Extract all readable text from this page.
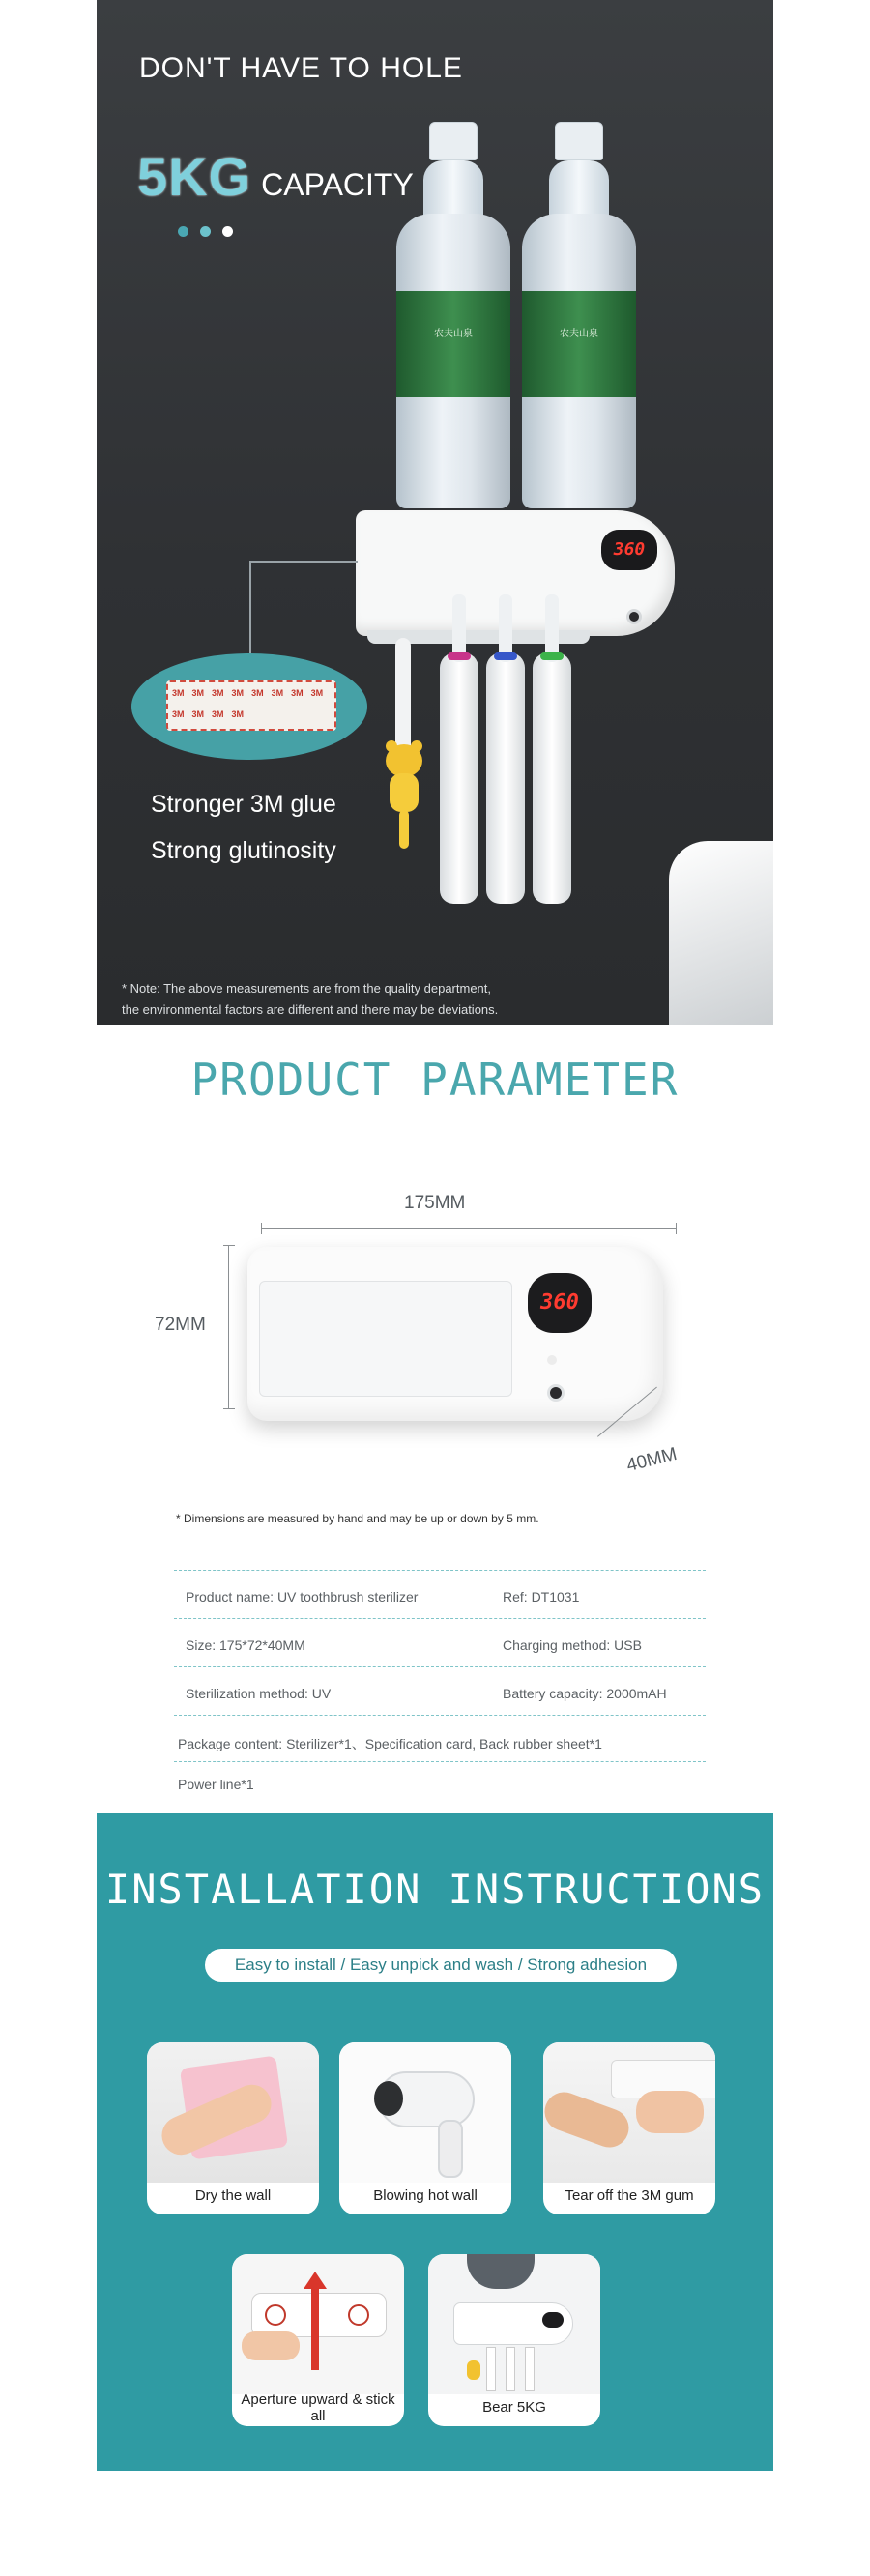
DON'T HAVE TO HOLE
5KG CAPACITY
农夫山泉	农夫山泉
360
3M 3M 3M 3M 3M 3M 3M 3M3M 3M 3M 3M
Stronger 3M glue
Strong glutinosity
* Note: The above measurements are from the quality department,
the environmental factors are different and there may be deviations.
PRODUCT PARAMETER
175MM
72MM
360
40MM
* Dimensions are measured by hand and may be up or down by 5 mm.
Product name: UV toothbrush sterilizer	Ref: DT1031
Size: 175*72*40MM	Charging method: USB
Sterilization method: UV	Battery capacity: 2000mAH
Package content: Sterilizer*1、Specification card, Back rubber sheet*1
Power line*1
INSTALLATION INSTRUCTIONS
Easy to install / Easy unpick and wash / Strong adhesion
Dry the wall	Blowing hot wall	Tear off the 3M gum
Aperture upward & stick all
Bear 5KG
